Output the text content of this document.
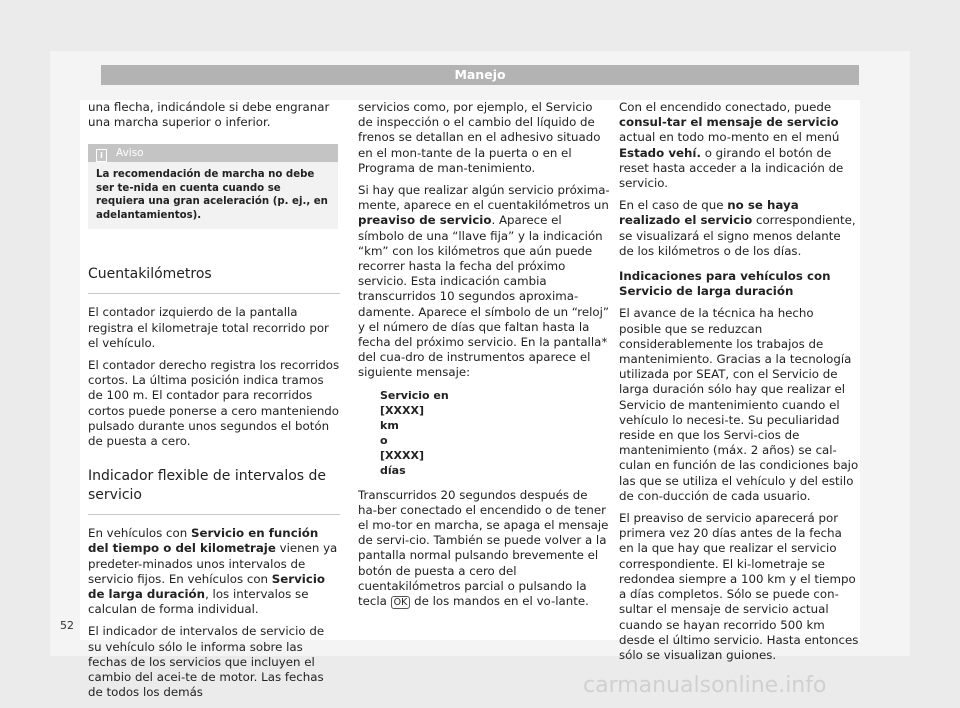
Manejo

una flecha, indicándole si debe engranar una marcha superior o inferior.

i Aviso
La recomendación de marcha no debe ser te-nida en cuenta cuando se requiera una gran aceleración (p. ej., en adelantamientos).
Cuentakilómetros

El contador izquierdo de la pantalla registra el kilometraje total recorrido por el vehículo.

El contador derecho registra los recorridos cortos. La última posición indica tramos de 100 m. El contador para recorridos cortos puede ponerse a cero manteniendo pulsado durante unos segundos el botón de puesta a cero.

Indicador flexible de intervalos de servicio

En vehículos con Servicio en función del tiempo o del kilometraje vienen ya predeter-minados unos intervalos de servicio fijos. En vehículos con Servicio de larga duración, los intervalos se calculan de forma individual.

El indicador de intervalos de servicio de su vehículo sólo le informa sobre las fechas de los servicios que incluyen el cambio del acei-te de motor. Las fechas de todos los demás

servicios como, por ejemplo, el Servicio de inspección o el cambio del líquido de frenos se detallan en el adhesivo situado en el mon-tante de la puerta o en el Programa de man-tenimiento.

Si hay que realizar algún servicio próxima-mente, aparece en el cuentakilómetros un preaviso de servicio. Aparece el símbolo de una “llave fija” y la indicación “km” con los kilómetros que aún puede recorrer hasta la fecha del próximo servicio. Esta indicación cambia transcurridos 10 segundos aproxima-damente. Aparece el símbolo de un “reloj” y el número de días que faltan hasta la fecha del próximo servicio. En la pantalla* del cua-dro de instrumentos aparece el siguiente mensaje:

Servicio en
[XXXX]
km
o
[XXXX]
días

Transcurridos 20 segundos después de ha-ber conectado el encendido o de tener el mo-tor en marcha, se apaga el mensaje de servi-cio. También se puede volver a la pantalla normal pulsando brevemente el botón de puesta a cero del cuentakilómetros parcial o pulsando la tecla OK de los mandos en el vo-lante.

Con el encendido conectado, puede consul-tar el mensaje de servicio actual en todo mo-mento en el menú Estado vehí. o girando el botón de reset hasta acceder a la indicación de servicio.

En el caso de que no se haya realizado el servicio correspondiente, se visualizará el signo menos delante de los kilómetros o de los días.

Indicaciones para vehículos con Servicio de larga duración

El avance de la técnica ha hecho posible que se reduzcan considerablemente los trabajos de mantenimiento. Gracias a la tecnología utilizada por SEAT, con el Servicio de larga duración sólo hay que realizar el Servicio de mantenimiento cuando el vehículo lo necesi-te. Su peculiaridad reside en que los Servi-cios de mantenimiento (máx. 2 años) se cal-culan en función de las condiciones bajo las que se utiliza el vehículo y del estilo de con-ducción de cada usuario.

El preaviso de servicio aparecerá por primera vez 20 días antes de la fecha en la que hay que realizar el servicio correspondiente. El ki-lometraje se redondea siempre a 100 km y el tiempo a días completos. Sólo se puede con-sultar el mensaje de servicio actual cuando se hayan recorrido 500 km desde el último servicio. Hasta entonces sólo se visualizan guiones.

52
carmanualsonline.info
